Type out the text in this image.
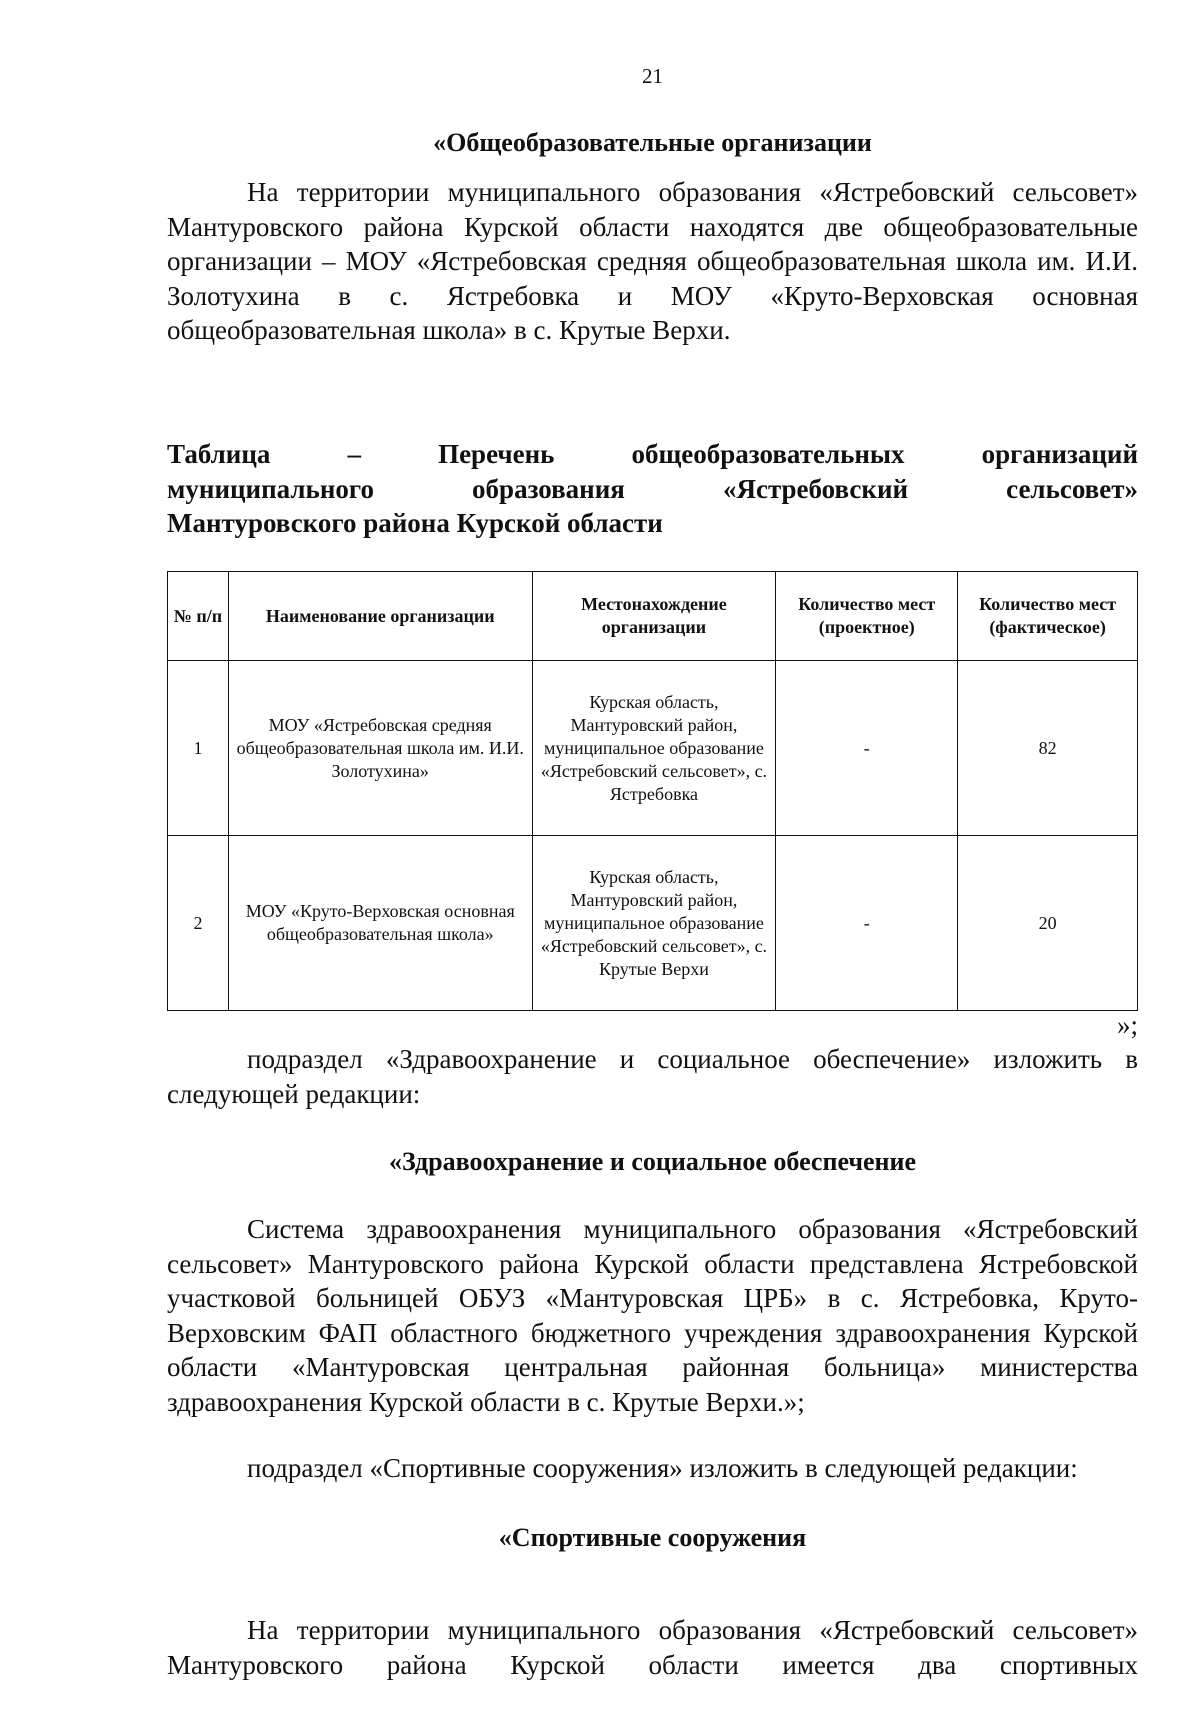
21
«Общеобразовательные организации
На территории муниципального образования «Ястребовский сельсовет» Мантуровского района Курской области находятся две общеобразовательные организации – МОУ «Ястребовская средняя общеобразовательная школа им. И.И. Золотухина в с. Ястребовка и МОУ «Круто-Верховская основная общеобразовательная школа» в с. Крутые Верхи.
Таблица – Перечень общеобразовательных организаций
муниципального образования «Ястребовский сельсовет»
Мантуровского района Курской области
№ п/п	Наименование организации	Местонахождение организации	Количество мест (проектное)	Количество мест (фактическое)
1	МОУ «Ястребовская средняя общеобразовательная школа им. И.И. Золотухина»	Курская область, Мантуровский район, муниципальное образование «Ястребовский сельсовет», с. Ястребовка	-	82
2	МОУ «Круто-Верховская основная общеобразовательная школа»	Курская область, Мантуровский район, муниципальное образование «Ястребовский сельсовет», с. Крутые Верхи	-	20
»;
подраздел «Здравоохранение и социальное обеспечение» изложить в следующей редакции:
«Здравоохранение и социальное обеспечение
Система здравоохранения муниципального образования «Ястребовский сельсовет» Мантуровского района Курской области представлена Ястребовской участковой больницей ОБУЗ «Мантуровская ЦРБ» в с. Ястребовка, Круто-Верховским ФАП областного бюджетного учреждения здравоохранения Курской области «Мантуровская центральная районная больница» министерства здравоохранения Курской области в с. Крутые Верхи.»;
подраздел «Спортивные сооружения» изложить в следующей редакции:
«Спортивные сооружения
На территории муниципального образования «Ястребовский сельсовет» Мантуровского района Курской области имеется два спортивных
